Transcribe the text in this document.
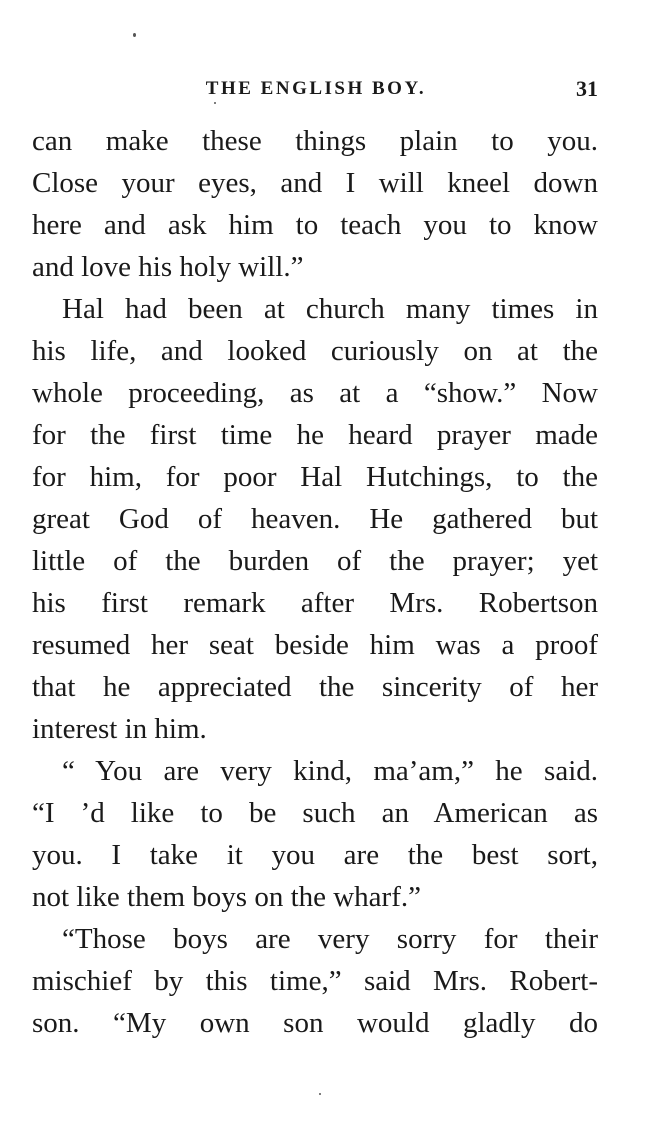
THE ENGLISH BOY.	31
can make these things plain to you.
Close your eyes, and I will kneel down
here and ask him to teach you to know
and love his holy will.”
Hal had been at church many times in
his life, and looked curiously on at the
whole proceeding, as at a “show.” Now
for the first time he heard prayer made
for him, for poor Hal Hutchings, to the
great God of heaven. He gathered but
little of the burden of the prayer; yet
his first remark after Mrs. Robertson
resumed her seat beside him was a proof
that he appreciated the sincerity of her
interest in him.
“ You are very kind, ma’am,” he said.
“I ’d like to be such an American as
you. I take it you are the best sort,
not like them boys on the wharf.”
“Those boys are very sorry for their
mischief by this time,” said Mrs. Robert-
son. “My own son would gladly do
